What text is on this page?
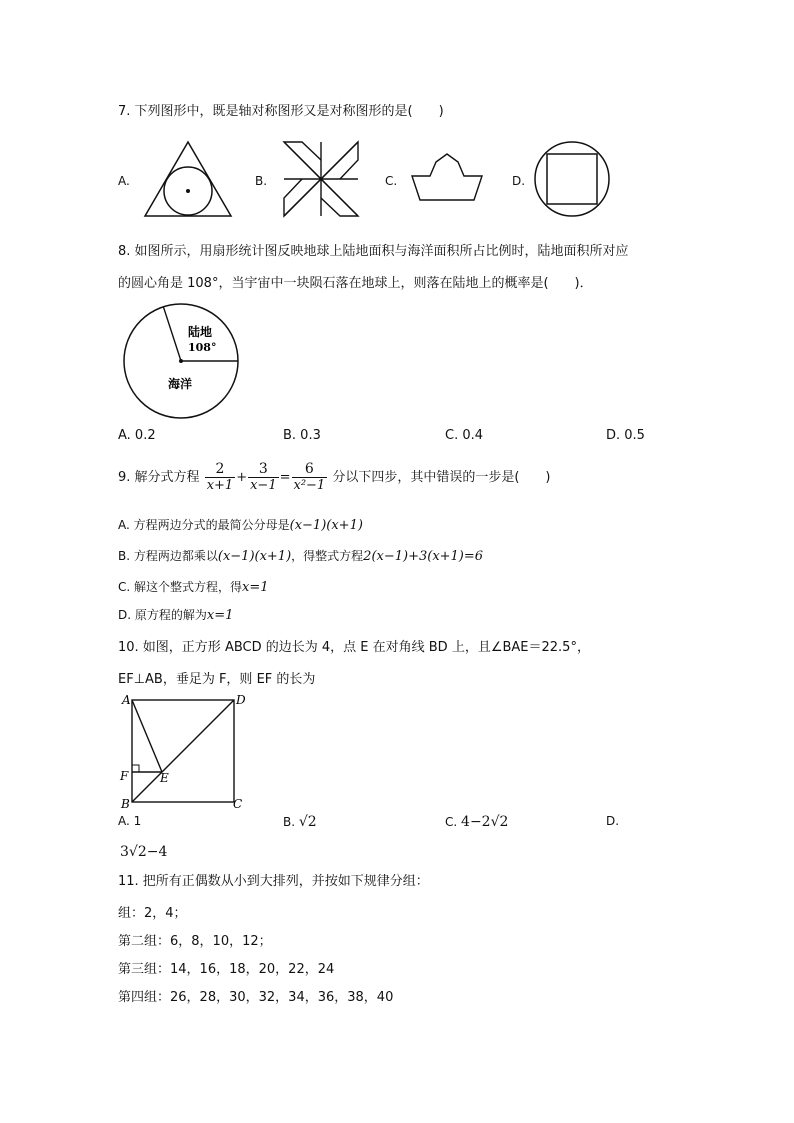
7. 下列图形中，既是轴对称图形又是对称图形的是(　　)
A.	B.	C.	D.
8. 如图所示，用扇形统计图反映地球上陆地面积与海洋面积所占比例时，陆地面积所对应
的圆心角是 108°，当宇宙中一块陨石落在地球上，则落在陆地上的概率是(　　)．
陆地
108°
海洋
A. 0.2	B. 0.3	C. 0.4	D. 0.5
9. 解分式方程 $\frac{2}{x+1} + \frac{3}{x-1} = \frac{6}{\text{x²−1}}$ 分以下四步，其中错误的一步是(　　)
A. 方程两边分式的最简公分母是(x−1)(x+1)
B. 方程两边都乘以(x−1)(x+1)，得整式方程2(x−1)+3(x+1)=6
C. 解这个整式方程，得x=1
D. 原方程的解为x=1
10. 如图，正方形 ABCD 的边长为 4，点 E 在对角线 BD 上，且∠BAE＝22.5°，
EF⊥AB，垂足为 F，则 EF 的长为
A	D
F	E
B	C
A. 1	B. √2	C. 4−2√2	D.
3√2−4
11. 把所有正偶数从小到大排列，并按如下规律分组：
组：2，4；
第二组：6，8，10，12；
第三组：14，16，18，20，22，24
第四组：26，28，30，32，34，36，38，40
